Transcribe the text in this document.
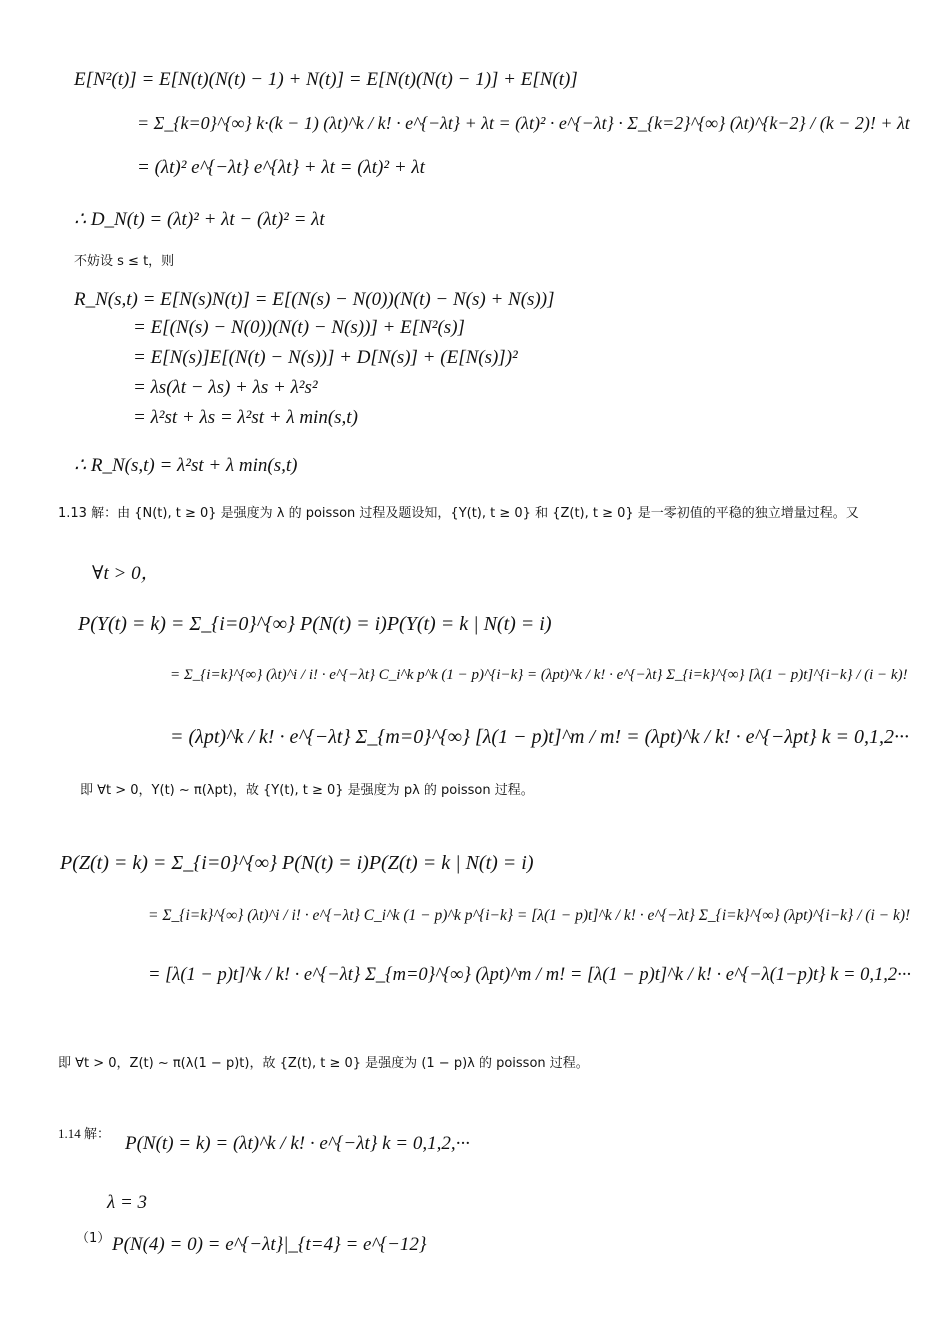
E[N²(t)] = E[N(t)(N(t) − 1) + N(t)] = E[N(t)(N(t) − 1)] + E[N(t)]
= Σ_{k=0}^{∞} k·(k − 1) (λt)^k / k! · e^{−λt} + λt = (λt)² · e^{−λt} · Σ_{k=2}^{∞} (λt)^{k−2} / (k − 2)! + λt
= (λt)² e^{−λt} e^{λt} + λt = (λt)² + λt
∴ D_N(t) = (λt)² + λt − (λt)² = λt
不妨设 s ≤ t，则
R_N(s,t) = E[N(s)N(t)] = E[(N(s) − N(0))(N(t) − N(s) + N(s))]
= E[(N(s) − N(0))(N(t) − N(s))] + E[N²(s)]
= E[N(s)]E[(N(t) − N(s))] + D[N(s)] + (E[N(s)])²
= λs(λt − λs) + λs + λ²s²
= λ²st + λs = λ²st + λ min(s,t)
∴ R_N(s,t) = λ²st + λ min(s,t)
1.13 解：由 {N(t), t ≥ 0} 是强度为 λ 的 poisson 过程及题设知，{Y(t), t ≥ 0} 和 {Z(t), t ≥ 0} 是一零初值的平稳的独立增量过程。又
∀t > 0，
P(Y(t) = k) = Σ_{i=0}^{∞} P(N(t) = i)P(Y(t) = k | N(t) = i)
= Σ_{i=k}^{∞} (λt)^i / i! · e^{−λt} C_i^k p^k (1 − p)^{i−k} = (λpt)^k / k! · e^{−λt} Σ_{i=k}^{∞} [λ(1 − p)t]^{i−k} / (i − k)!
= (λpt)^k / k! · e^{−λt} Σ_{m=0}^{∞} [λ(1 − p)t]^m / m! = (λpt)^k / k! · e^{−λpt} k = 0,1,2···
即 ∀t > 0，Y(t) ~ π(λpt)，故 {Y(t), t ≥ 0} 是强度为 pλ 的 poisson 过程。
P(Z(t) = k) = Σ_{i=0}^{∞} P(N(t) = i)P(Z(t) = k | N(t) = i)
= Σ_{i=k}^{∞} (λt)^i / i! · e^{−λt} C_i^k (1 − p)^k p^{i−k} = [λ(1 − p)t]^k / k! · e^{−λt} Σ_{i=k}^{∞} (λpt)^{i−k} / (i − k)!
= [λ(1 − p)t]^k / k! · e^{−λt} Σ_{m=0}^{∞} (λpt)^m / m! = [λ(1 − p)t]^k / k! · e^{−λ(1−p)t} k = 0,1,2···
即 ∀t > 0，Z(t) ~ π(λ(1 − p)t)，故 {Z(t), t ≥ 0} 是强度为 (1 − p)λ 的 poisson 过程。
1.14 解： P(N(t) = k) = (λt)^k / k! · e^{−λt} k = 0,1,2,···
λ = 3
（1） P(N(4) = 0) = e^{−λt}|_{t=4} = e^{−12}
